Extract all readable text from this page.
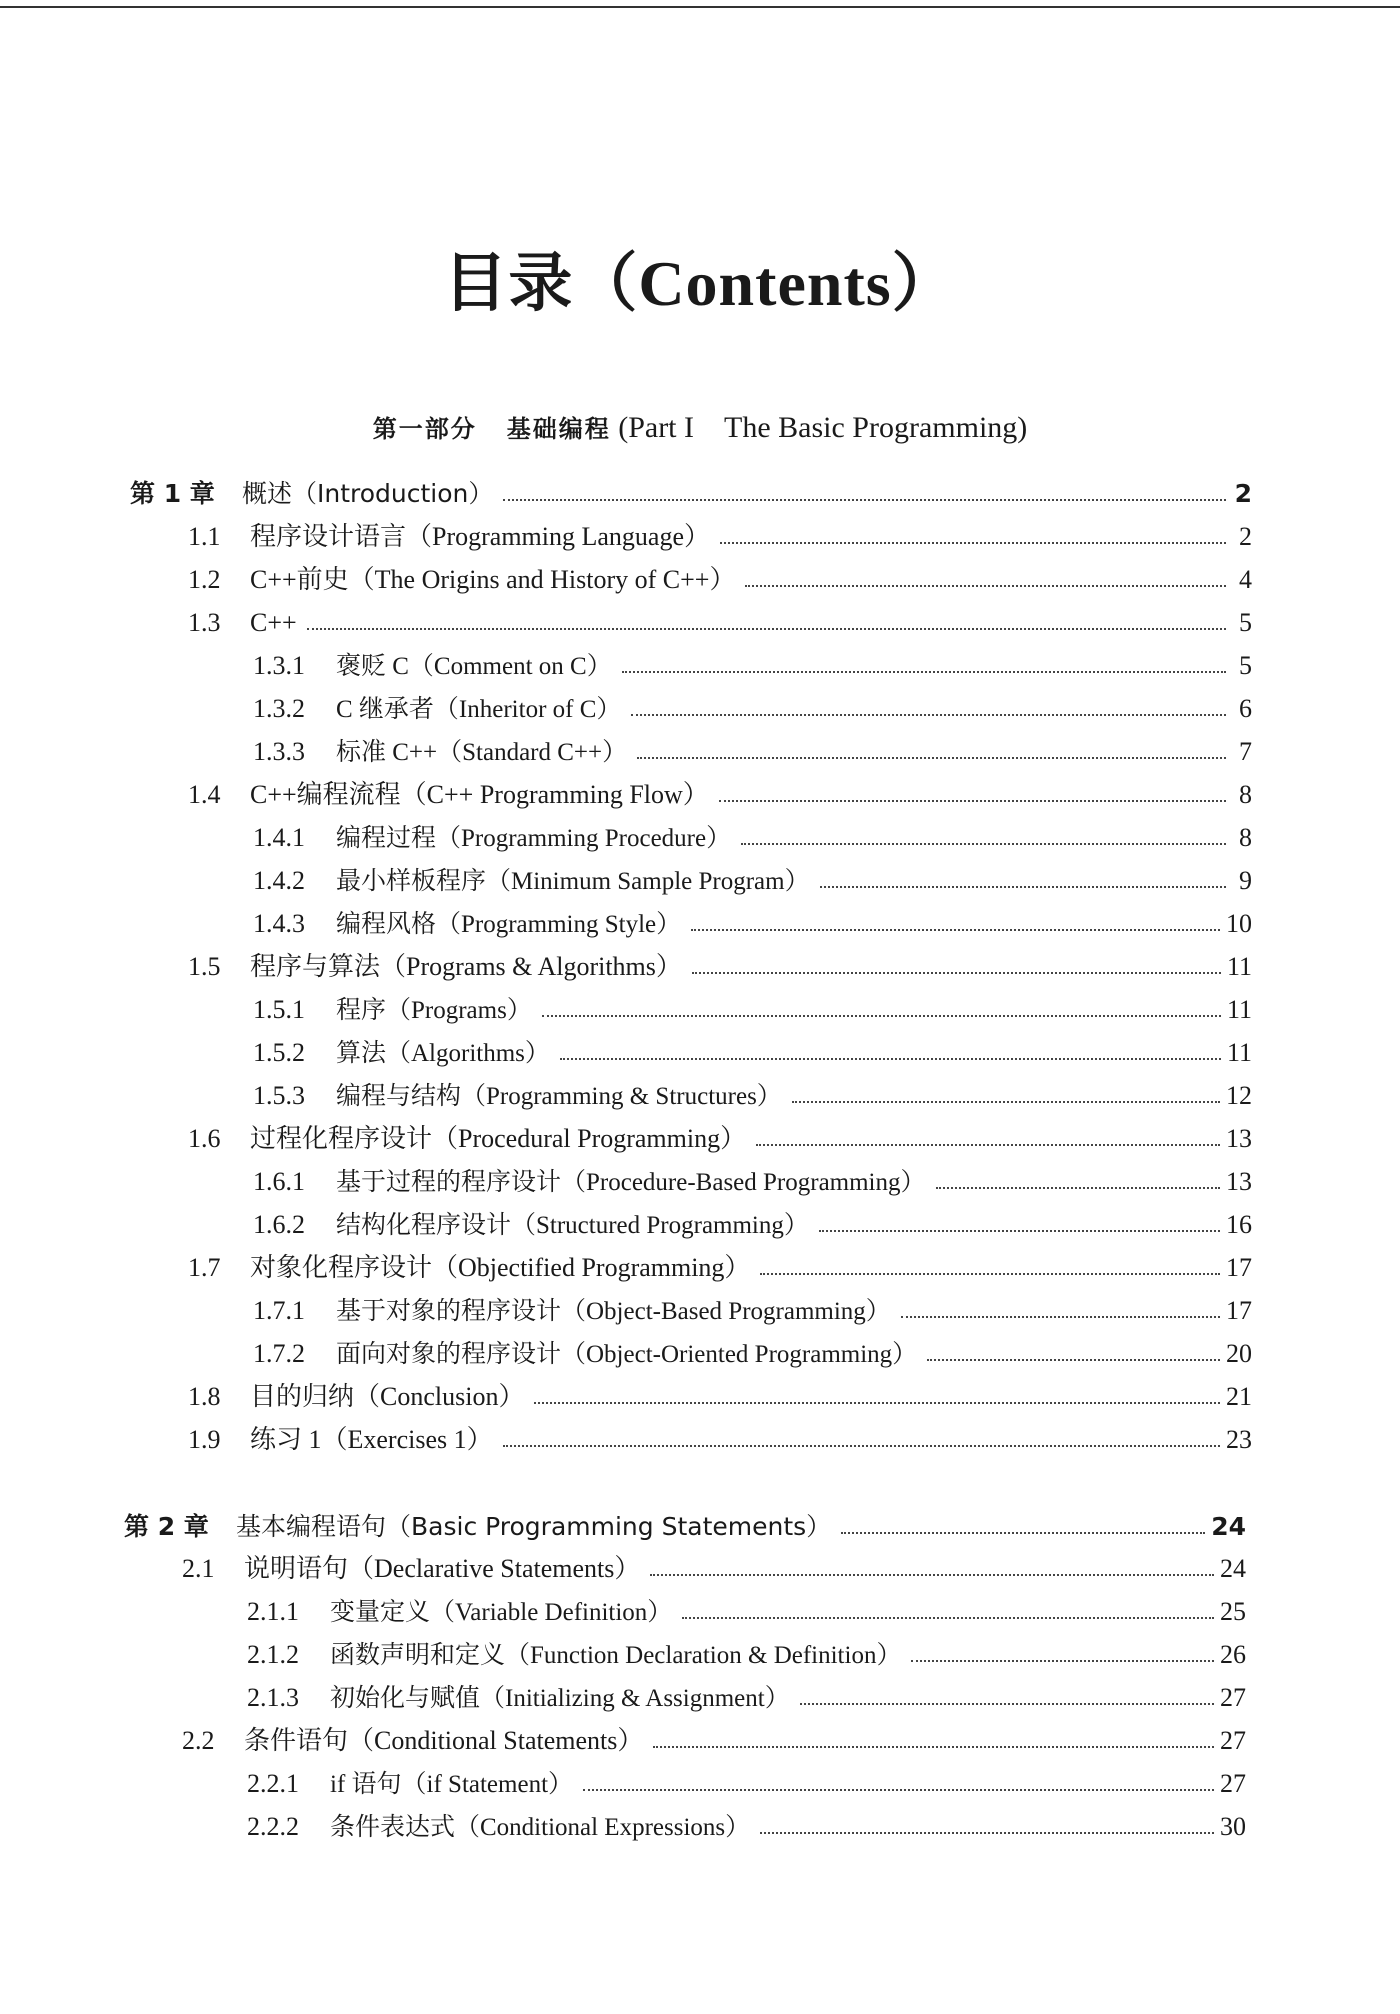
目录（Contents）
第一部分 基础编程 (Part I　The Basic Programming)
第 1 章	概述（Introduction）	2
1.1	程序设计语言（Programming Language）	2
1.2	C++前史（The Origins and History of C++）	4
1.3	C++	5
1.3.1	褒贬 C（Comment on C）	5
1.3.2	C 继承者（Inheritor of C）	6
1.3.3	标准 C++（Standard C++）	7
1.4	C++编程流程（C++ Programming Flow）	8
1.4.1	编程过程（Programming Procedure）	8
1.4.2	最小样板程序（Minimum Sample Program）	9
1.4.3	编程风格（Programming Style）	10
1.5	程序与算法（Programs & Algorithms）	11
1.5.1	程序（Programs）	11
1.5.2	算法（Algorithms）	11
1.5.3	编程与结构（Programming & Structures）	12
1.6	过程化程序设计（Procedural Programming）	13
1.6.1	基于过程的程序设计（Procedure-Based Programming）	13
1.6.2	结构化程序设计（Structured Programming）	16
1.7	对象化程序设计（Objectified Programming）	17
1.7.1	基于对象的程序设计（Object-Based Programming）	17
1.7.2	面向对象的程序设计（Object-Oriented Programming）	20
1.8	目的归纳（Conclusion）	21
1.9	练习 1（Exercises 1）	23
第 2 章	基本编程语句（Basic Programming Statements）	24
2.1	说明语句（Declarative Statements）	24
2.1.1	变量定义（Variable Definition）	25
2.1.2	函数声明和定义（Function Declaration & Definition）	26
2.1.3	初始化与赋值（Initializing & Assignment）	27
2.2	条件语句（Conditional Statements）	27
2.2.1	if 语句（if Statement）	27
2.2.2	条件表达式（Conditional Expressions）	30
